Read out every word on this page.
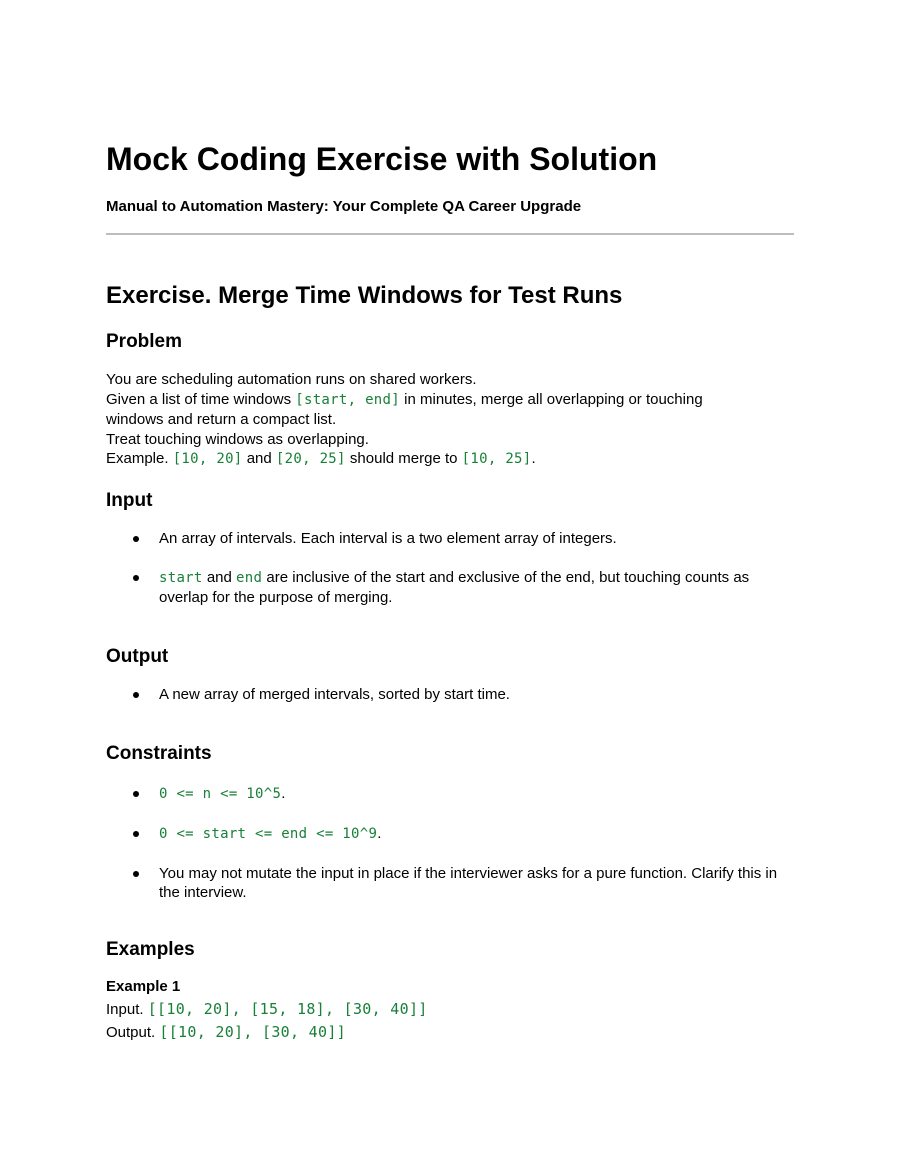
Mock Coding Exercise with Solution

Manual to Automation Mastery: Your Complete QA Career Upgrade

Exercise. Merge Time Windows for Test Runs
Problem
You are scheduling automation runs on shared workers.
Given a list of time windows [start, end] in minutes, merge all overlapping or touching
windows and return a compact list.
Treat touching windows as overlapping.
Example. [10, 20] and [20, 25] should merge to [10, 25].
Input
An array of intervals. Each interval is a two element array of integers.
start and end are inclusive of the start and exclusive of the end, but touching counts as overlap for the purpose of merging.
Output
A new array of merged intervals, sorted by start time.
Constraints
0 <= n <= 10^5.
0 <= start <= end <= 10^9.
You may not mutate the input in place if the interviewer asks for a pure function. Clarify this in the interview.
Examples

Example 1

Input. [[10, 20], [15, 18], [30, 40]]
Output. [[10, 20], [30, 40]]
